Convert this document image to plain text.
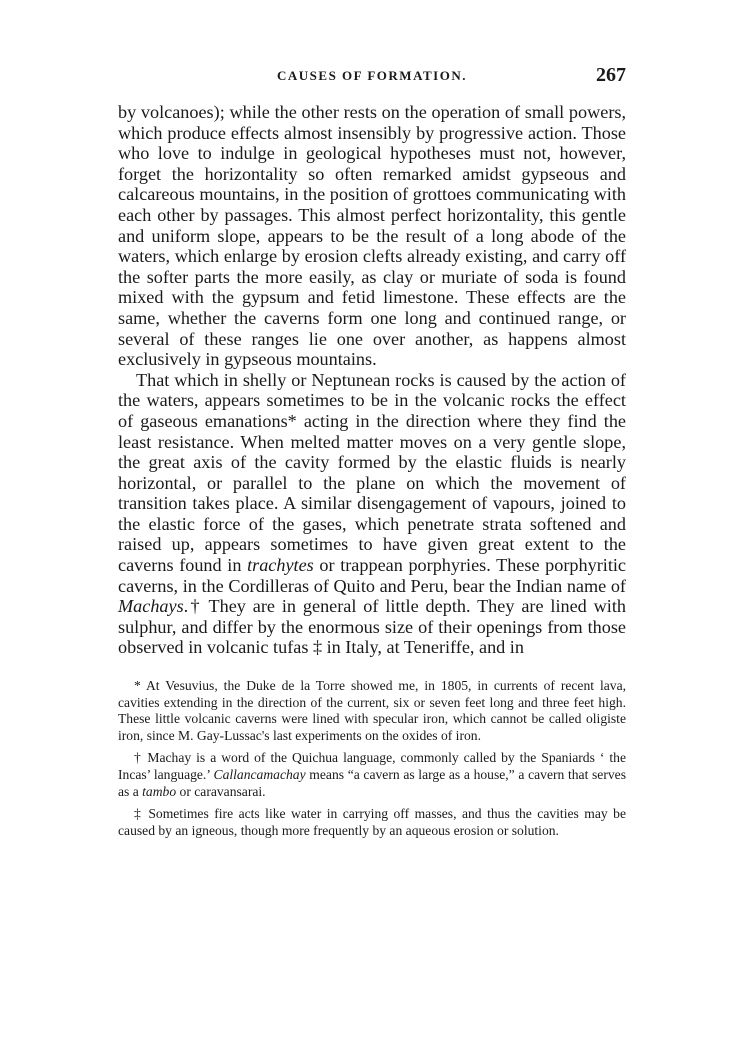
CAUSES OF FORMATION.	267

by volcanoes); while the other rests on the operation of small powers, which produce effects almost insensibly by progressive action. Those who love to indulge in geological hypotheses must not, however, forget the horizontality so often remarked amidst gypseous and calcareous mountains, in the position of grottoes communicating with each other by passages. This almost perfect horizontality, this gentle and uniform slope, appears to be the result of a long abode of the waters, which enlarge by erosion clefts already existing, and carry off the softer parts the more easily, as clay or muriate of soda is found mixed with the gypsum and fetid limestone. These effects are the same, whether the caverns form one long and continued range, or several of these ranges lie one over another, as happens almost exclusively in gypseous mountains.

That which in shelly or Neptunean rocks is caused by the action of the waters, appears sometimes to be in the volcanic rocks the effect of gaseous emanations* acting in the direction where they find the least resistance. When melted matter moves on a very gentle slope, the great axis of the cavity formed by the elastic fluids is nearly horizontal, or parallel to the plane on which the movement of transition takes place. A similar disengagement of vapours, joined to the elastic force of the gases, which penetrate strata softened and raised up, appears sometimes to have given great extent to the caverns found in trachytes or trappean porphyries. These porphyritic caverns, in the Cordilleras of Quito and Peru, bear the Indian name of Machays.† They are in general of little depth. They are lined with sulphur, and differ by the enormous size of their openings from those observed in volcanic tufas ‡ in Italy, at Teneriffe, and in

* At Vesuvius, the Duke de la Torre showed me, in 1805, in currents of recent lava, cavities extending in the direction of the current, six or seven feet long and three feet high. These little volcanic caverns were lined with specular iron, which cannot be called oligiste iron, since M. Gay-Lussac's last experiments on the oxides of iron.

† Machay is a word of the Quichua language, commonly called by the Spaniards ‘ the Incas’ language.’ Callancamachay means “a cavern as large as a house,” a cavern that serves as a tambo or caravansarai.

‡ Sometimes fire acts like water in carrying off masses, and thus the cavities may be caused by an igneous, though more frequently by an aqueous erosion or solution.
